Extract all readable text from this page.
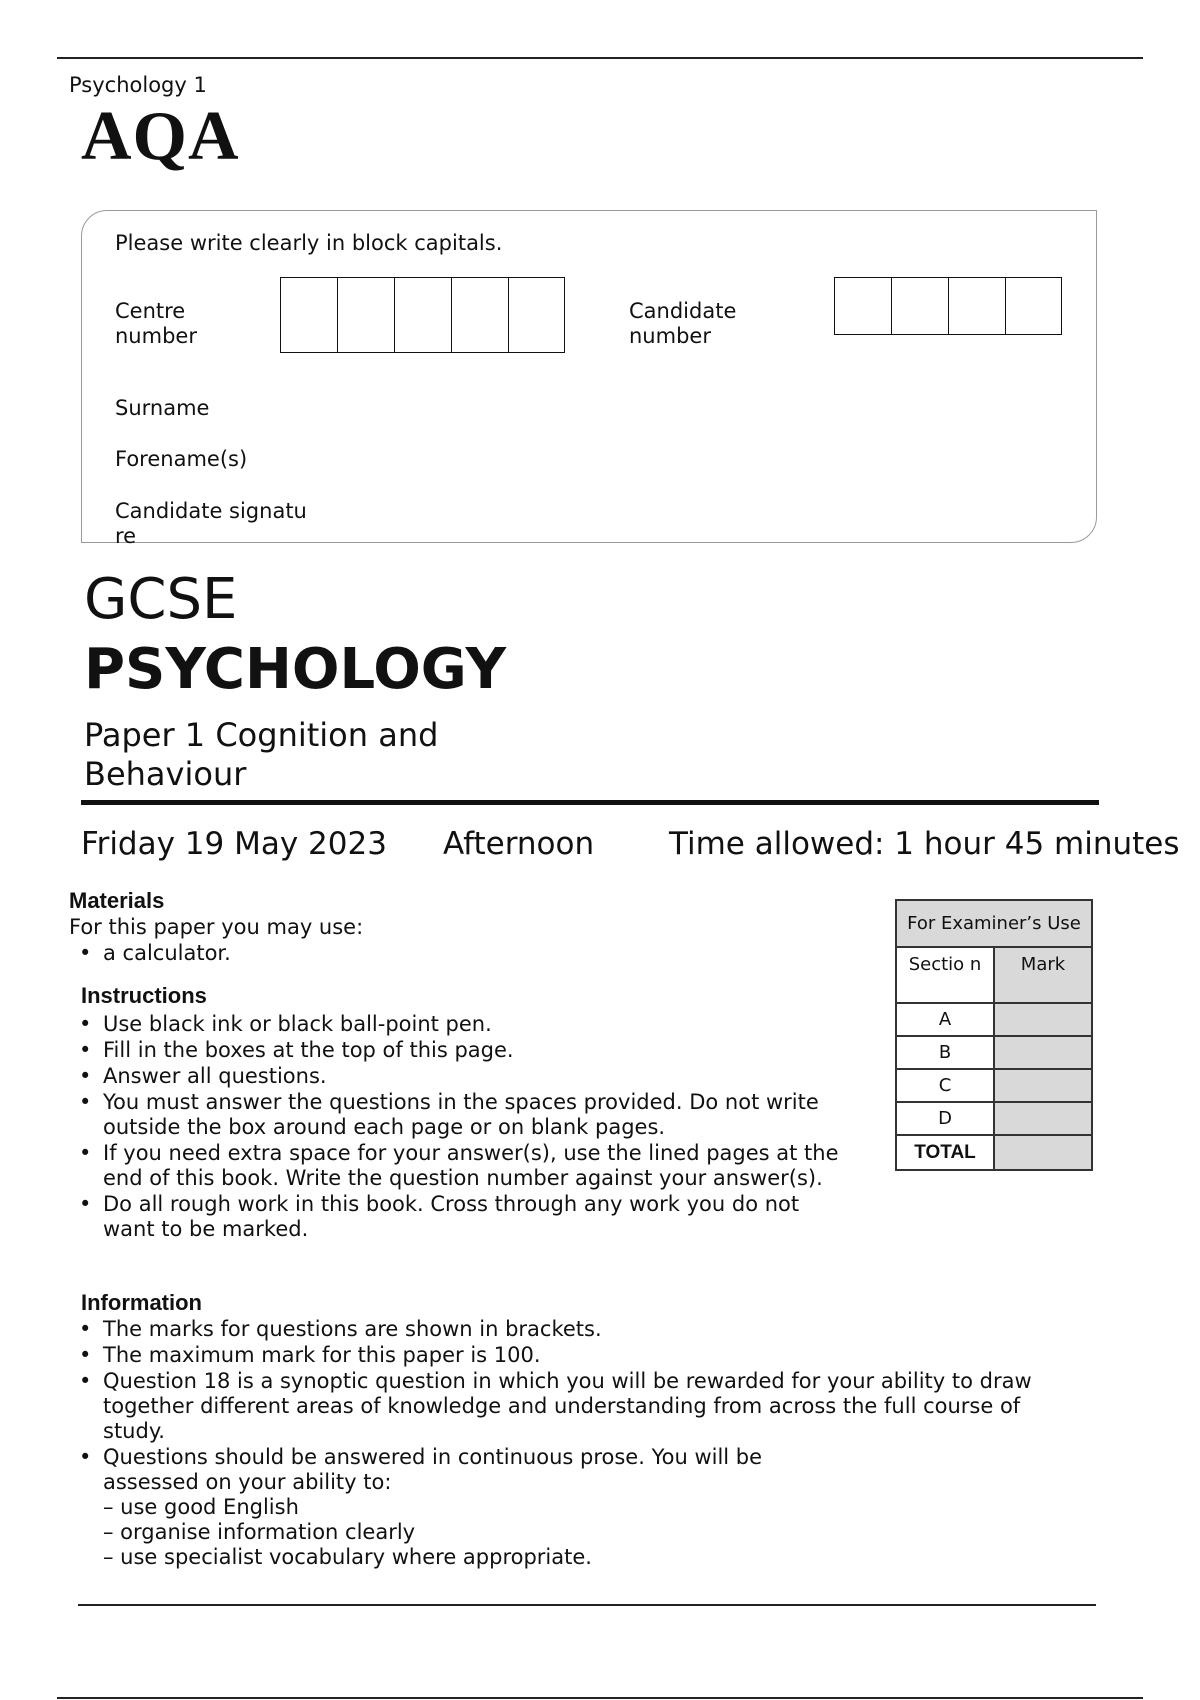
Psychology 1
AQA
Please write clearly in block capitals.
Centre number
Candidate number
Surname
Forename(s)
Candidate signatu        re
GCSE
PSYCHOLOGY
Paper 1 Cognition and Behaviour
Friday 19 May 2023 Afternoon Time allowed: 1 hour 45 minutes
Materials
For this paper you may use:
• a calculator.
Instructions
• Use black ink or black ball-point pen.
• Fill in the boxes at the top of this page.
• Answer all questions.
• You must answer the questions in the spaces provided. Do not write outside the box around each page or on blank pages.
• If you need extra space for your answer(s), use the lined pages at the end of this book. Write the question number against your answer(s).
• Do all rough work in this book. Cross through any work you do not want to be marked.
Information
• The marks for questions are shown in brackets.
• The maximum mark for this paper is 100.
• Question 18 is a synoptic question in which you will be rewarded for your ability to draw together different areas of knowledge and understanding from across the full course of study.
• Questions should be answered in continuous prose. You will be assessed on your ability to:
– use good English
– organise information clearly
– use specialist vocabulary where appropriate.
For Examiner’s Use	
Sectio n	Mark
A	
B	
C	
D	
TOTAL	
